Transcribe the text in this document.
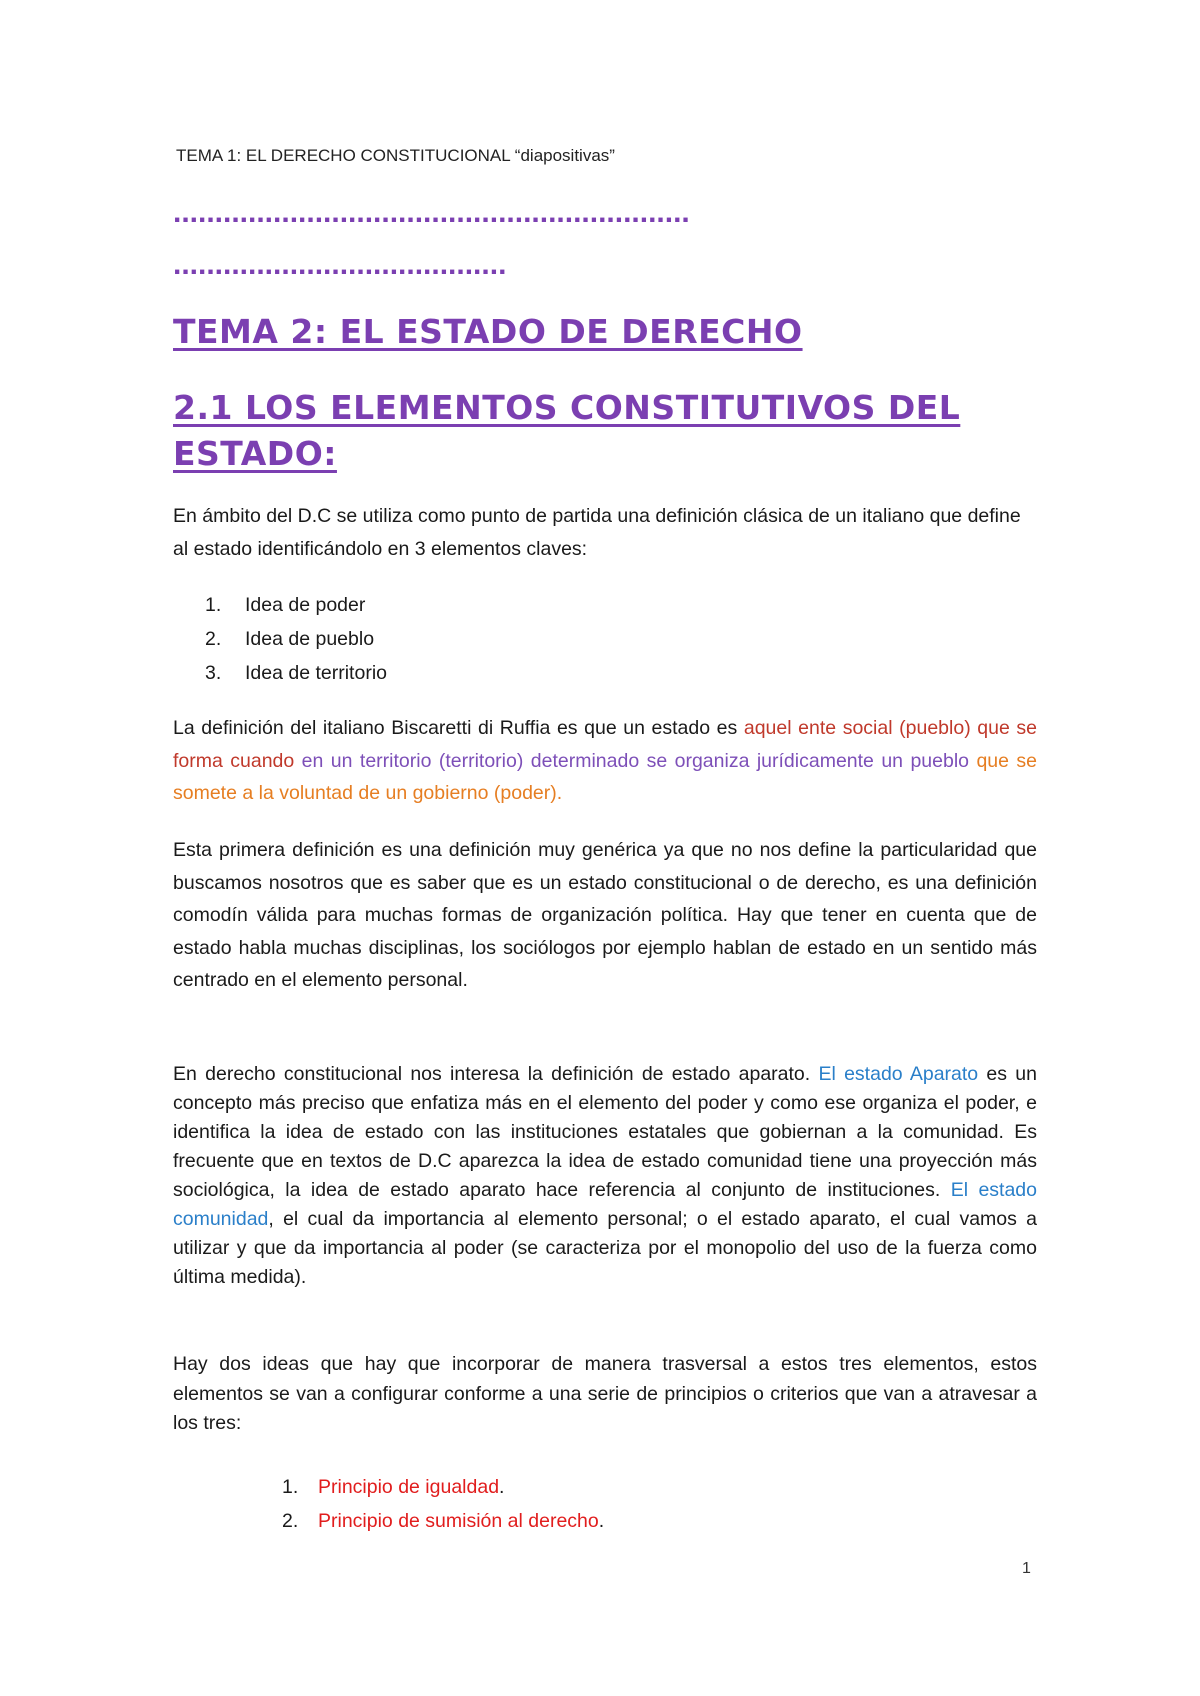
TEMA 1: EL DERECHO CONSTITUCIONAL “diapositivas”
..............................................................
........................................
TEMA 2: EL ESTADO DE DERECHO
2.1 LOS ELEMENTOS CONSTITUTIVOS DEL ESTADO:

En ámbito del D.C se utiliza como punto de partida una definición clásica de un italiano que define al estado identificándolo en 3 elementos claves:

1. Idea de poder
2. Idea de pueblo
3. Idea de territorio

La definición del italiano Biscaretti di Ruffia es que un estado es aquel ente social (pueblo) que se forma cuando en un territorio (territorio) determinado se organiza jurídicamente un pueblo que se somete a la voluntad de un gobierno (poder).

Esta primera definición es una definición muy genérica ya que no nos define la particularidad que buscamos nosotros que es saber que es un estado constitucional o de derecho, es una definición comodín válida para muchas formas de organización política. Hay que tener en cuenta que de estado habla muchas disciplinas, los sociólogos por ejemplo hablan de estado en un sentido más centrado en el elemento personal.

En derecho constitucional nos interesa la definición de estado aparato. El estado Aparato es un concepto más preciso que enfatiza más en el elemento del poder y como ese organiza el poder, e identifica la idea de estado con las instituciones estatales que gobiernan a la comunidad. Es frecuente que en textos de D.C aparezca la idea de estado comunidad tiene una proyección más sociológica, la idea de estado aparato hace referencia al conjunto de instituciones. El estado comunidad, el cual da importancia al elemento personal; o el estado aparato, el cual vamos a utilizar y que da importancia al poder (se caracteriza por el monopolio del uso de la fuerza como última medida).

Hay dos ideas que hay que incorporar de manera trasversal a estos tres elementos, estos elementos se van a configurar conforme a una serie de principios o criterios que van a atravesar a los tres:

1. Principio de igualdad.
2. Principio de sumisión al derecho.
1
